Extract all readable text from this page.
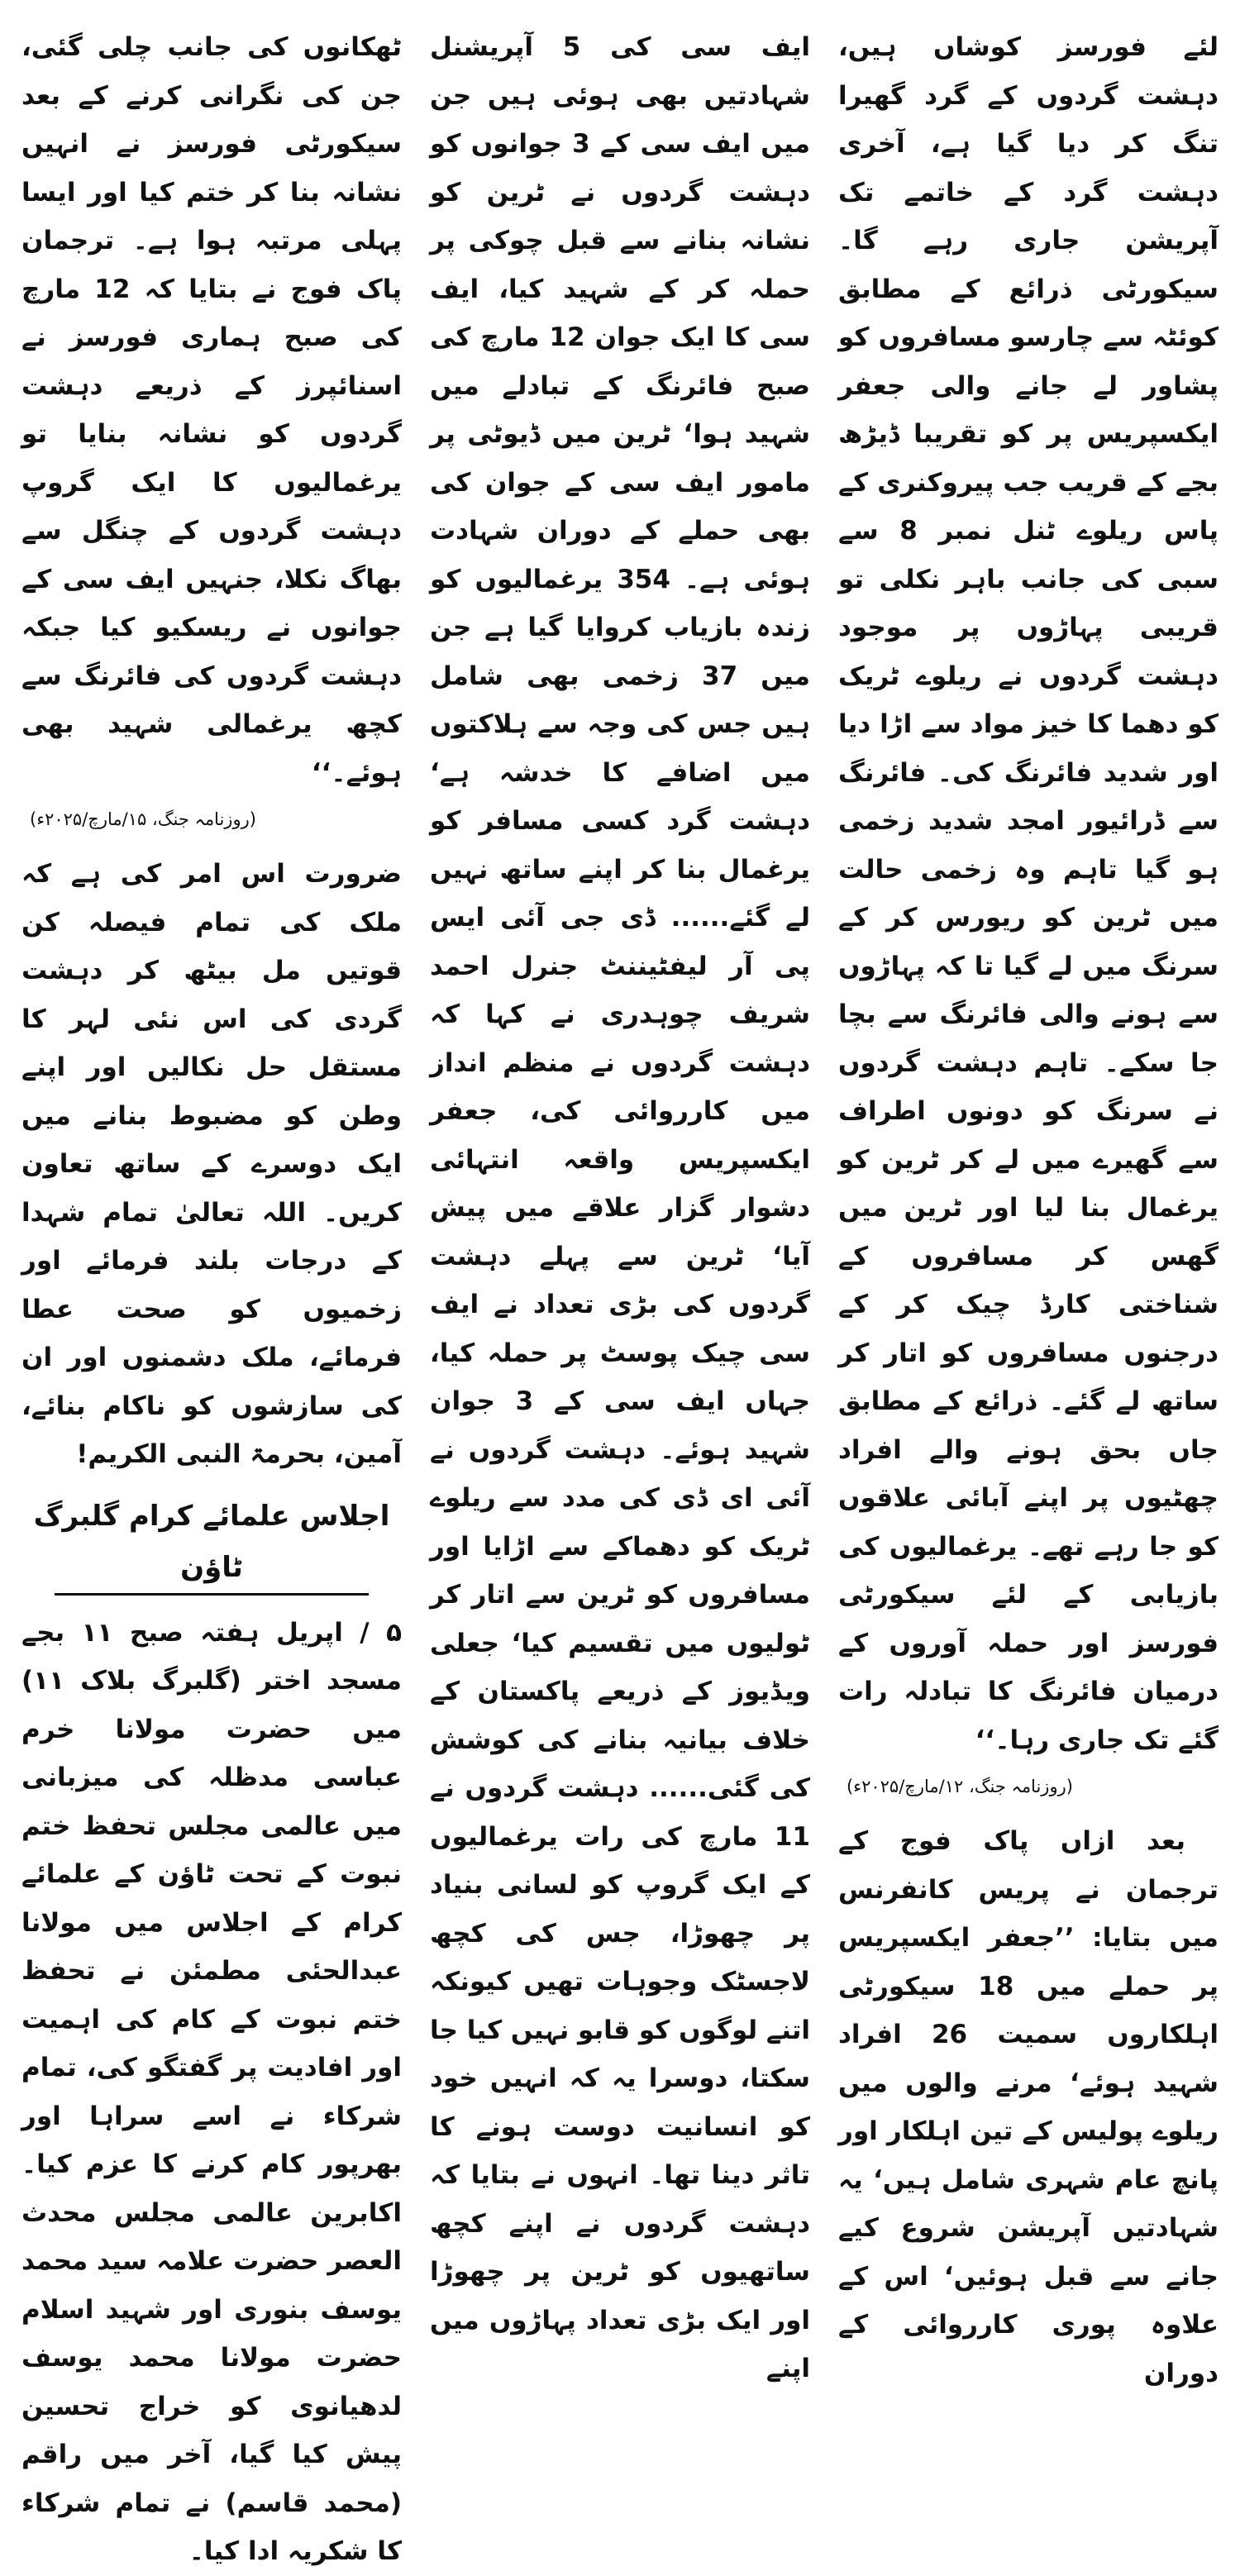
لئے فورسز کوشاں ہیں، دہشت گردوں کے گرد گھیرا تنگ کر دیا گیا ہے، آخری دہشت گرد کے خاتمے تک آپریشن جاری رہے گا۔ سیکورٹی ذرائع کے مطابق کوئٹہ سے چارسو مسافروں کو پشاور لے جانے والی جعفر ایکسپریس پر کو تقریبا ڈیڑھ بجے کے قریب جب پیروکنری کے پاس ریلوے ٹنل نمبر 8 سے سبی کی جانب باہر نکلی تو قریبی پہاڑوں پر موجود دہشت گردوں نے ریلوے ٹریک کو دھما کا خیز مواد سے اڑا دیا اور شدید فائرنگ کی۔ فائرنگ سے ڈرائیور امجد شدید زخمی ہو گیا تاہم وہ زخمی حالت میں ٹرین کو ریورس کر کے سرنگ میں لے گیا تا کہ پہاڑوں سے ہونے والی فائرنگ سے بچا جا سکے۔ تاہم دہشت گردوں نے سرنگ کو دونوں اطراف سے گھیرے میں لے کر ٹرین کو یرغمال بنا لیا اور ٹرین میں گھس کر مسافروں کے شناختی کارڈ چیک کر کے درجنوں مسافروں کو اتار کر ساتھ لے گئے۔ ذرائع کے مطابق جاں بحق ہونے والے افراد چھٹیوں پر اپنے آبائی علاقوں کو جا رہے تھے۔ یرغمالیوں کی بازیابی کے لئے سیکورٹی فورسز اور حملہ آوروں کے درمیان فائرنگ کا تبادلہ رات گئے تک جاری رہا۔‘‘

(روزنامہ جنگ، ۱۲/مارچ/۲۰۲۵ء)

بعد ازاں پاک فوج کے ترجمان نے پریس کانفرنس میں بتایا: ’’جعفر ایکسپریس پر حملے میں 18 سیکورٹی اہلکاروں سمیت 26 افراد شہید ہوئے‘ مرنے والوں میں ریلوے پولیس کے تین اہلکار اور پانچ عام شہری شامل ہیں‘ یہ شہادتیں آپریشن شروع کیے جانے سے قبل ہوئیں‘ اس کے علاوہ پوری کارروائی کے دوران

ایف سی کی 5 آپریشنل شہادتیں بھی ہوئی ہیں جن میں ایف سی کے 3 جوانوں کو دہشت گردوں نے ٹرین کو نشانہ بنانے سے قبل چوکی پر حملہ کر کے شہید کیا، ایف سی کا ایک جوان 12 مارچ کی صبح فائرنگ کے تبادلے میں شہید ہوا‘ ٹرین میں ڈیوٹی پر مامور ایف سی کے جوان کی بھی حملے کے دوران شہادت ہوئی ہے۔ 354 یرغمالیوں کو زندہ بازیاب کروایا گیا ہے جن میں 37 زخمی بھی شامل ہیں جس کی وجہ سے ہلاکتوں میں اضافے کا خدشہ ہے‘ دہشت گرد کسی مسافر کو یرغمال بنا کر اپنے ساتھ نہیں لے گئے...... ڈی جی آئی ایس پی آر لیفٹیننٹ جنرل احمد شریف چوہدری نے کہا کہ دہشت گردوں نے منظم انداز میں کارروائی کی، جعفر ایکسپریس واقعہ انتہائی دشوار گزار علاقے میں پیش آیا‘ ٹرین سے پہلے دہشت گردوں کی بڑی تعداد نے ایف سی چیک پوسٹ پر حملہ کیا، جہاں ایف سی کے 3 جوان شہید ہوئے۔ دہشت گردوں نے آئی ای ڈی کی مدد سے ریلوے ٹریک کو دھماکے سے اڑایا اور مسافروں کو ٹرین سے اتار کر ٹولیوں میں تقسیم کیا‘ جعلی ویڈیوز کے ذریعے پاکستان کے خلاف بیانیہ بنانے کی کوشش کی گئی...... دہشت گردوں نے 11 مارچ کی رات یرغمالیوں کے ایک گروپ کو لسانی بنیاد پر چھوڑا، جس کی کچھ لاجسٹک وجوہات تھیں کیونکہ اتنے لوگوں کو قابو نہیں کیا جا سکتا، دوسرا یہ کہ انہیں خود کو انسانیت دوست ہونے کا تاثر دینا تھا۔ انہوں نے بتایا کہ دہشت گردوں نے اپنے کچھ ساتھیوں کو ٹرین پر چھوڑا اور ایک بڑی تعداد پہاڑوں میں اپنے

ٹھکانوں کی جانب چلی گئی، جن کی نگرانی کرنے کے بعد سیکورٹی فورسز نے انہیں نشانہ بنا کر ختم کیا اور ایسا پہلی مرتبہ ہوا ہے۔ ترجمان پاک فوج نے بتایا کہ 12 مارچ کی صبح ہماری فورسز نے اسنائپرز کے ذریعے دہشت گردوں کو نشانہ بنایا تو یرغمالیوں کا ایک گروپ دہشت گردوں کے چنگل سے بھاگ نکلا، جنہیں ایف سی کے جوانوں نے ریسکیو کیا جبکہ دہشت گردوں کی فائرنگ سے کچھ یرغمالی شہید بھی ہوئے۔‘‘

(روزنامہ جنگ، ۱۵/مارچ/۲۰۲۵ء)

ضرورت اس امر کی ہے کہ ملک کی تمام فیصلہ کن قوتیں مل بیٹھ کر دہشت گردی کی اس نئی لہر کا مستقل حل نکالیں اور اپنے وطن کو مضبوط بنانے میں ایک دوسرے کے ساتھ تعاون کریں۔ اللہ تعالیٰ تمام شہدا کے درجات بلند فرمائے اور زخمیوں کو صحت عطا فرمائے، ملک دشمنوں اور ان کی سازشوں کو ناکام بنائے، آمین، بحرمۃ النبی الکریم!

اجلاس علمائے کرام گلبرگ ٹاؤن

۵ / اپریل ہفتہ صبح ۱۱ بجے مسجد اختر (گلبرگ بلاک ۱۱) میں حضرت مولانا خرم عباسی مدظلہ کی میزبانی میں عالمی مجلس تحفظ ختم نبوت کے تحت ٹاؤن کے علمائے کرام کے اجلاس میں مولانا عبدالحئی مطمئن نے تحفظ ختم نبوت کے کام کی اہمیت اور افادیت پر گفتگو کی، تمام شرکاء نے اسے سراہا اور بھرپور کام کرنے کا عزم کیا۔ اکابرین عالمی مجلس محدث العصر حضرت علامہ سید محمد یوسف بنوری اور شہید اسلام حضرت مولانا محمد یوسف لدھیانوی کو خراج تحسین پیش کیا گیا، آخر میں راقم (محمد قاسم) نے تمام شرکاء کا شکریہ ادا کیا۔
